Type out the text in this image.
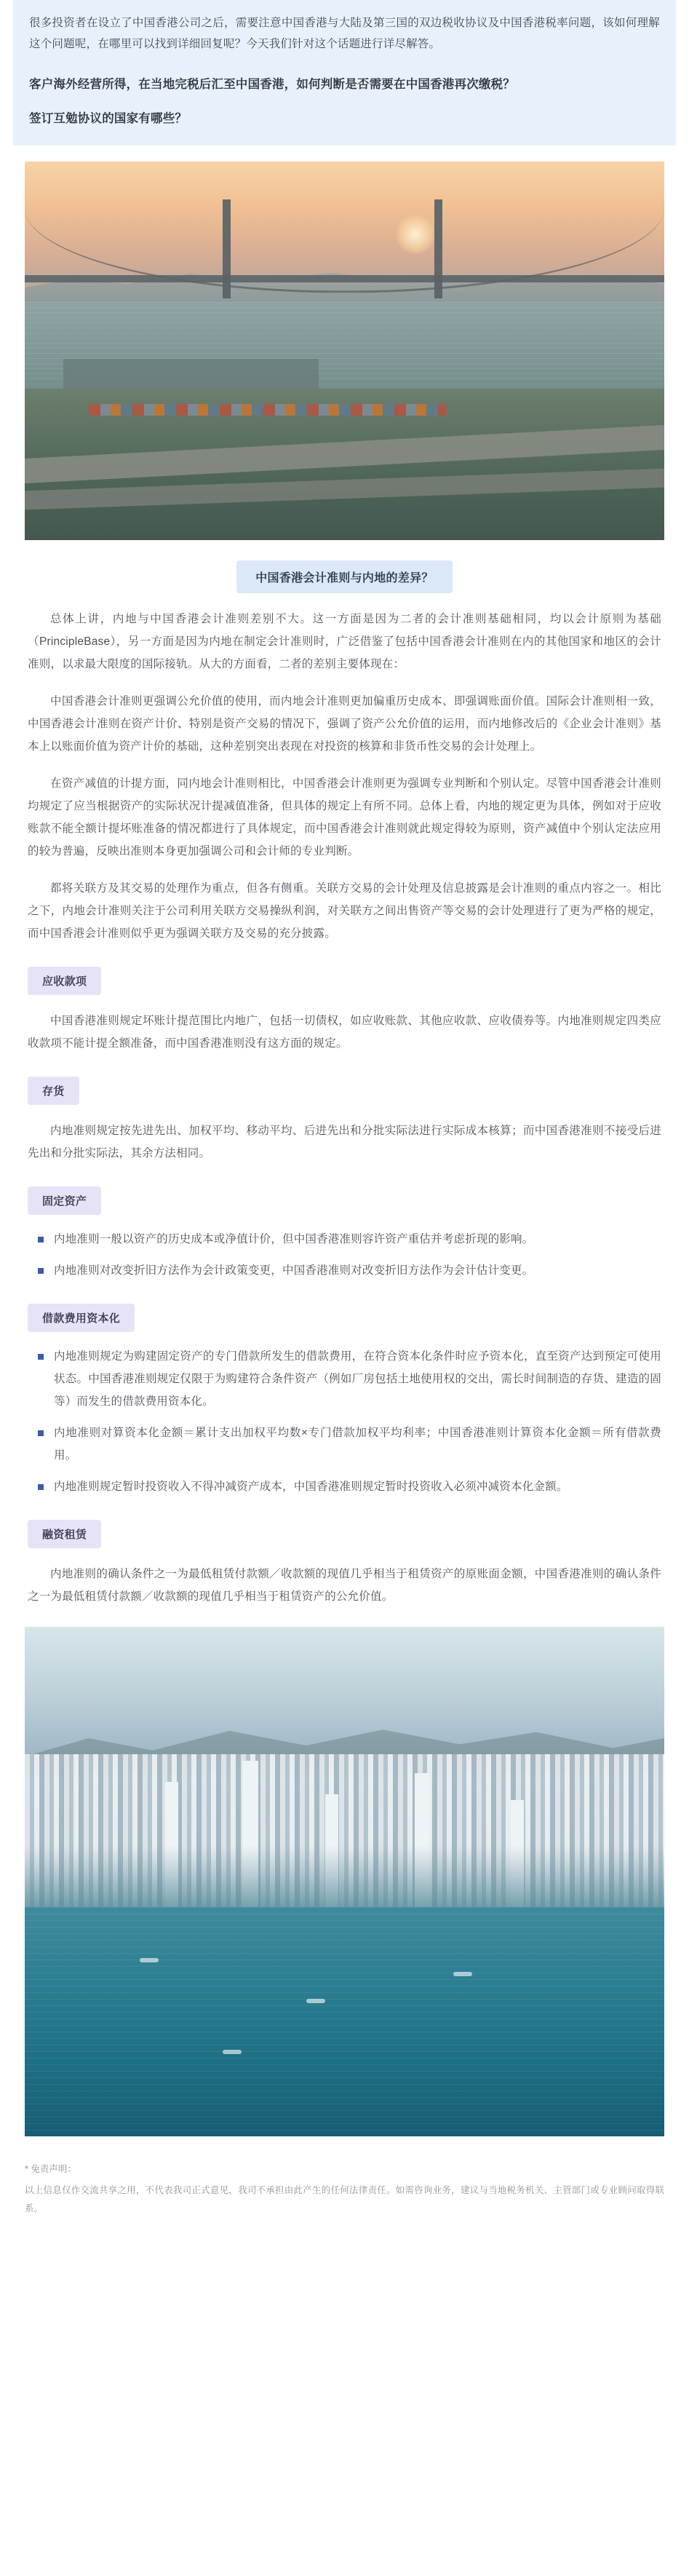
很多投资者在设立了中国香港公司之后，需要注意中国香港与大陆及第三国的双边税收协议及中国香港税率问题，该如何理解这个问题呢，在哪里可以找到详细回复呢？今天我们针对这个话题进行详尽解答。
客户海外经营所得，在当地完税后汇至中国香港，如何判断是否需要在中国香港再次缴税？
签订互勉协议的国家有哪些？
中国香港会计准则与内地的差异？

总体上讲，内地与中国香港会计准则差别不大。这一方面是因为二者的会计准则基础相同，均以会计原则为基础（PrincipleBase），另一方面是因为内地在制定会计准则时，广泛借鉴了包括中国香港会计准则在内的其他国家和地区的会计准则，以求最大限度的国际接轨。从大的方面看，二者的差别主要体现在：

中国香港会计准则更强调公允价值的使用，而内地会计准则更加偏重历史成本、即强调账面价值。国际会计准则相一致，中国香港会计准则在资产计价、特别是资产交易的情况下，强调了资产公允价值的运用，而内地修改后的《企业会计准则》基本上以账面价值为资产计价的基础，这种差别突出表现在对投资的核算和非货币性交易的会计处理上。

在资产减值的计提方面，同内地会计准则相比，中国香港会计准则更为强调专业判断和个别认定。尽管中国香港会计准则均规定了应当根据资产的实际状况计提减值准备，但具体的规定上有所不同。总体上看，内地的规定更为具体，例如对于应收账款不能全额计提坏账准备的情况都进行了具体规定，而中国香港会计准则就此规定得较为原则，资产减值中个别认定法应用的较为普遍，反映出准则本身更加强调公司和会计师的专业判断。

都将关联方及其交易的处理作为重点，但各有侧重。关联方交易的会计处理及信息披露是会计准则的重点内容之一。相比之下，内地会计准则关注于公司利用关联方交易操纵利润，对关联方之间出售资产等交易的会计处理进行了更为严格的规定，而中国香港会计准则似乎更为强调关联方及交易的充分披露。

应收款项

中国香港准则规定坏账计提范围比内地广，包括一切债权，如应收账款、其他应收款、应收债券等。内地准则规定四类应收款项不能计提全额准备，而中国香港准则没有这方面的规定。

存货

内地准则规定按先进先出、加权平均、移动平均、后进先出和分批实际法进行实际成本核算；而中国香港准则不接受后进先出和分批实际法，其余方法相同。

固定资产
内地准则一般以资产的历史成本或净值计价，但中国香港准则容许资产重估并考虑折现的影响。
内地准则对改变折旧方法作为会计政策变更，中国香港准则对改变折旧方法作为会计估计变更。
借款费用资本化
内地准则规定为购建固定资产的专门借款所发生的借款费用，在符合资本化条件时应予资本化，直至资产达到预定可使用状态。中国香港准则规定仅限于为购建符合条件资产（例如厂房包括土地使用权的交出，需长时间制造的存货、建造的固等）而发生的借款费用资本化。
内地准则对算资本化金额＝累计支出加权平均数×专门借款加权平均利率；中国香港准则计算资本化金额＝所有借款费用。
内地准则规定暂时投资收入不得冲减资产成本，中国香港准则规定暂时投资收入必须冲减资本化金额。
融资租赁

内地准则的确认条件之一为最低租赁付款额／收款额的现值几乎相当于租赁资产的原账面金额，中国香港准则的确认条件之一为最低租赁付款额／收款额的现值几乎相当于租赁资产的公允价值。

* 免责声明：
以上信息仅作交流共享之用，不代表我司正式意见，我司不承担由此产生的任何法律责任。如需咨询业务，建议与当地税务机关、主管部门或专业顾问取得联系。
